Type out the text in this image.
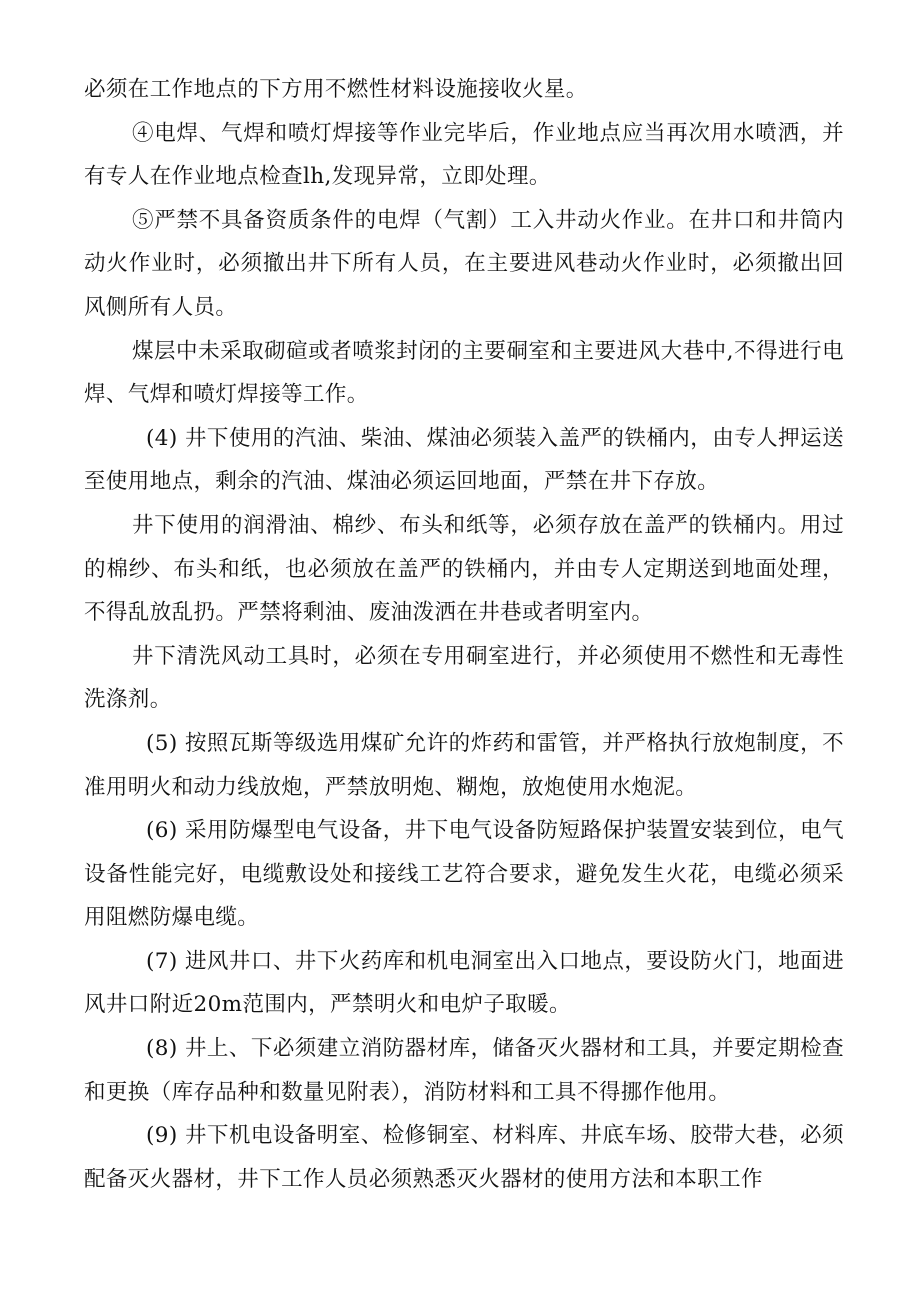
必须在工作地点的下方用不燃性材料设施接收火星。

④电焊、气焊和喷灯焊接等作业完毕后，作业地点应当再次用水喷洒，并有专人在作业地点检查lh,发现异常，立即处理。

⑤严禁不具备资质条件的电焊（气割）工入井动火作业。在井口和井筒内动火作业时，必须撤出井下所有人员，在主要进风巷动火作业时，必须撤出回风侧所有人员。

煤层中未采取砌碹或者喷浆封闭的主要硐室和主要进风大巷中,不得进行电焊、气焊和喷灯焊接等工作。

(4) 井下使用的汽油、柴油、煤油必须装入盖严的铁桶内，由专人押运送至使用地点，剩余的汽油、煤油必须运回地面，严禁在井下存放。

井下使用的润滑油、棉纱、布头和纸等，必须存放在盖严的铁桶内。用过的棉纱、布头和纸，也必须放在盖严的铁桶内，并由专人定期送到地面处理，不得乱放乱扔。严禁将剩油、废油泼洒在井巷或者明室内。

井下清洗风动工具时，必须在专用硐室进行，并必须使用不燃性和无毒性洗涤剂。

(5) 按照瓦斯等级选用煤矿允许的炸药和雷管，并严格执行放炮制度，不准用明火和动力线放炮，严禁放明炮、糊炮，放炮使用水炮泥。

(6) 采用防爆型电气设备，井下电气设备防短路保护装置安装到位，电气设备性能完好，电缆敷设处和接线工艺符合要求，避免发生火花，电缆必须采用阻燃防爆电缆。

(7) 进风井口、井下火药库和机电洞室出入口地点，要设防火门，地面进风井口附近20m范围内，严禁明火和电炉子取暖。

(8) 井上、下必须建立消防器材库，储备灭火器材和工具，并要定期检查和更换（库存品种和数量见附表），消防材料和工具不得挪作他用。

(9) 井下机电设备明室、检修铜室、材料库、井底车场、胶带大巷，必须配备灭火器材，井下工作人员必须熟悉灭火器材的使用方法和本职工作
